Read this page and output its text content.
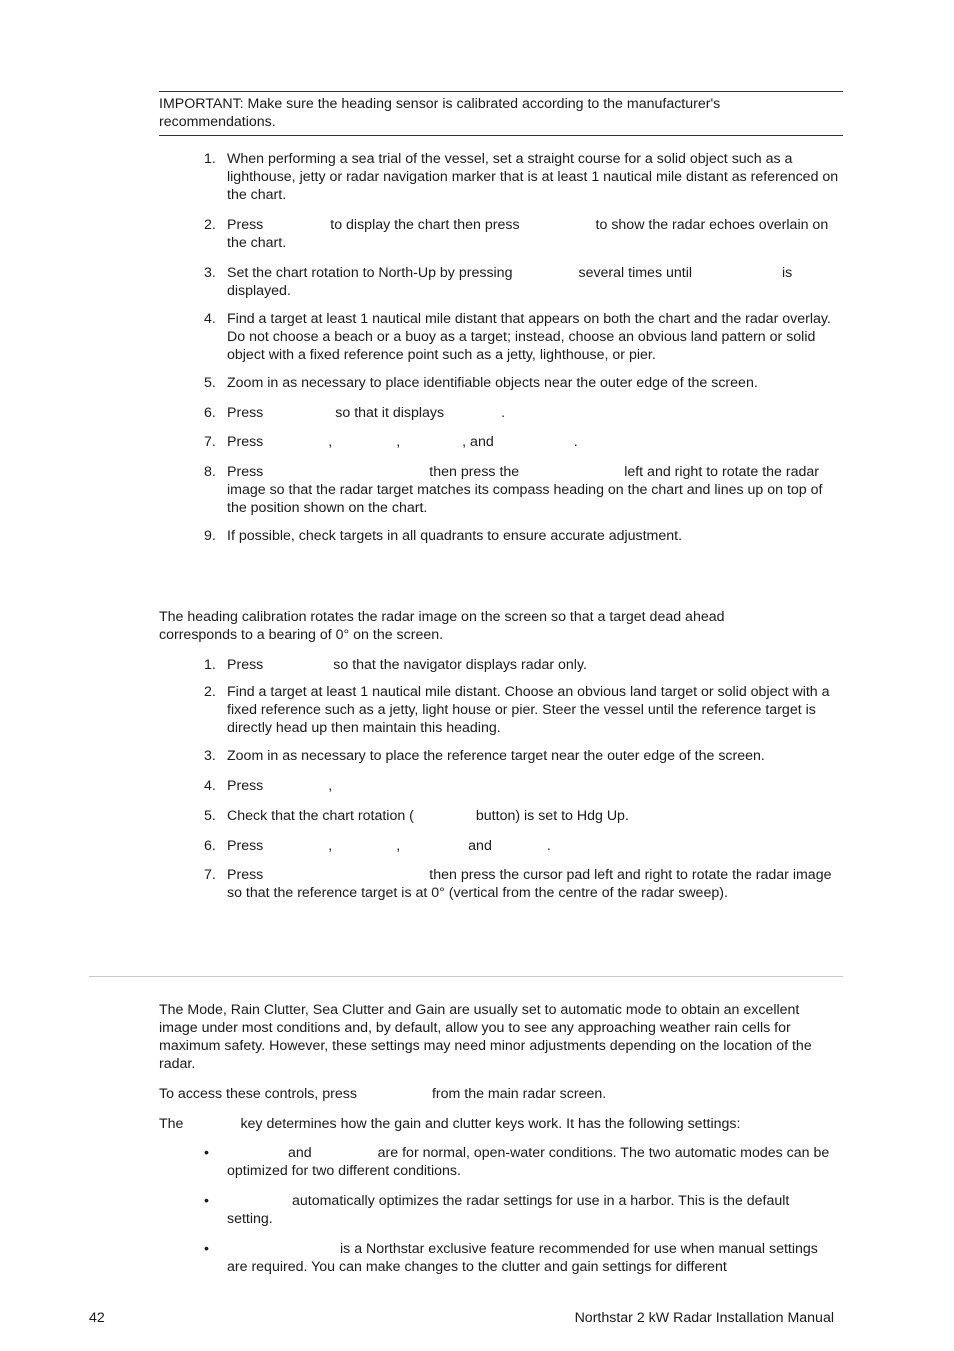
IMPORTANT: Make sure the heading sensor is calibrated according to the manufacturer's recommendations.
1. When performing a sea trial of the vessel, set a straight course for a solid object such as a lighthouse, jetty or radar navigation marker that is at least 1 nautical mile distant as referenced on the chart.
2. Press	to display the chart then press	to show the radar echoes overlain on the chart.
3. Set the chart rotation to North-Up by pressing	several times until	is displayed.
4. Find a target at least 1 nautical mile distant that appears on both the chart and the radar overlay. Do not choose a beach or a buoy as a target; instead, choose an obvious land pattern or solid object with a fixed reference point such as a jetty, lighthouse, or pier.
5. Zoom in as necessary to place identifiable objects near the outer edge of the screen.
6. Press	so that it displays	.
7. Press	,	,	, and	.
8. Press	then press the	left and right to rotate the radar image so that the radar target matches its compass heading on the chart and lines up on top of the position shown on the chart.
9. If possible, check targets in all quadrants to ensure accurate adjustment.
The heading calibration rotates the radar image on the screen so that a target dead ahead corresponds to a bearing of 0° on the screen.
1. Press	so that the navigator displays radar only.
2. Find a target at least 1 nautical mile distant. Choose an obvious land target or solid object with a fixed reference such as a jetty, light house or pier. Steer the vessel until the reference target is directly head up then maintain this heading.
3. Zoom in as necessary to place the reference target near the outer edge of the screen.
4. Press	,
5. Check that the chart rotation (	button) is set to Hdg Up.
6. Press	,	,	and	.
7. Press	then press the cursor pad left and right to rotate the radar image so that the reference target is at 0° (vertical from the centre of the radar sweep).
The Mode, Rain Clutter, Sea Clutter and Gain are usually set to automatic mode to obtain an excellent image under most conditions and, by default, allow you to see any approaching weather rain cells for maximum safety. However, these settings may need minor adjustments depending on the location of the radar.
To access these controls, press	from the main radar screen.
The	key determines how the gain and clutter keys work. It has the following settings:
•	and	are for normal, open-water conditions. The two automatic modes can be optimized for two different conditions.
•	automatically optimizes the radar settings for use in a harbor. This is the default setting.
•	is a Northstar exclusive feature recommended for use when manual settings are required. You can make changes to the clutter and gain settings for different
42	Northstar 2 kW Radar Installation Manual
